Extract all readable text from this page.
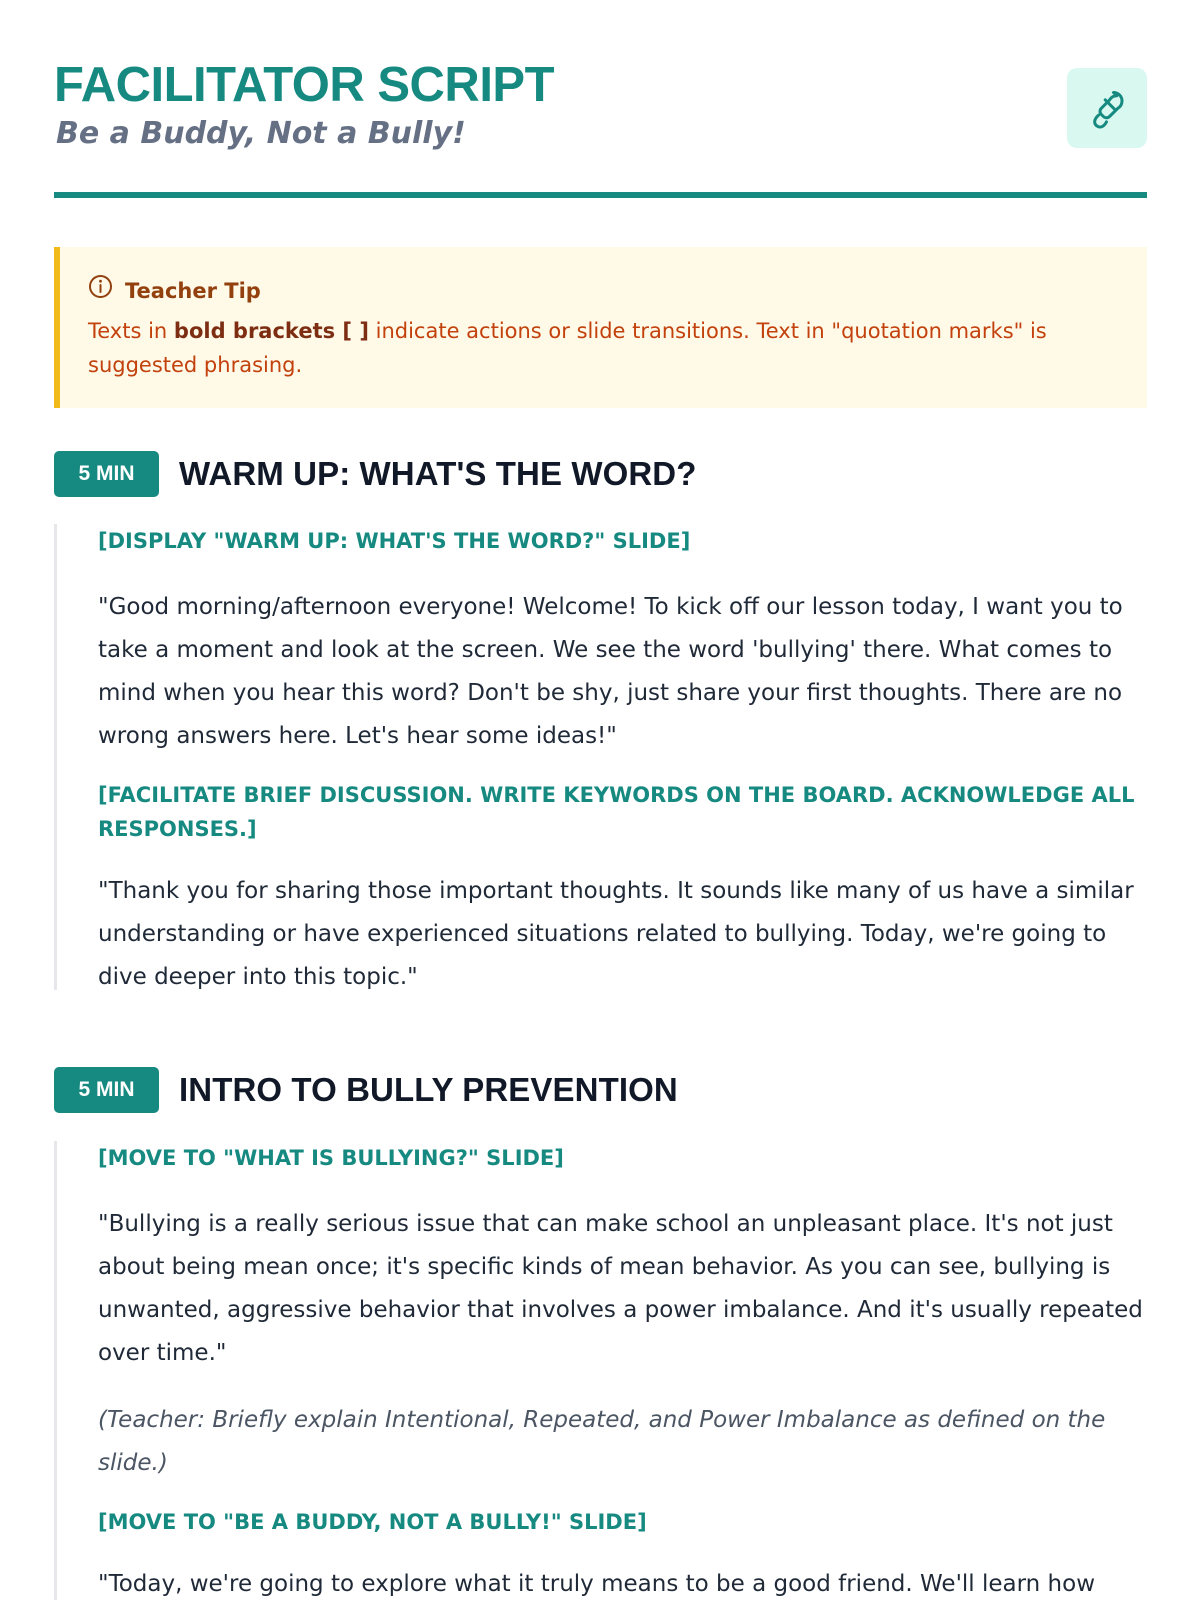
FACILITATOR SCRIPT

Be a Buddy, Not a Bully!

Teacher Tip

Texts in bold brackets [ ] indicate actions or slide transitions. Text in "quotation marks" is suggested phrasing.

5 MIN	WARM UP: WHAT'S THE WORD?

[DISPLAY "WARM UP: WHAT'S THE WORD?" SLIDE]

"Good morning/afternoon everyone! Welcome! To kick off our lesson today, I want you to take a moment and look at the screen. We see the word 'bullying' there. What comes to mind when you hear this word? Don't be shy, just share your first thoughts. There are no wrong answers here. Let's hear some ideas!"

[FACILITATE BRIEF DISCUSSION. WRITE KEYWORDS ON THE BOARD. ACKNOWLEDGE ALL RESPONSES.]

"Thank you for sharing those important thoughts. It sounds like many of us have a similar understanding or have experienced situations related to bullying. Today, we're going to dive deeper into this topic."

5 MIN	INTRO TO BULLY PREVENTION

[MOVE TO "WHAT IS BULLYING?" SLIDE]

"Bullying is a really serious issue that can make school an unpleasant place. It's not just about being mean once; it's specific kinds of mean behavior. As you can see, bullying is unwanted, aggressive behavior that involves a power imbalance. And it's usually repeated over time."

(Teacher: Briefly explain Intentional, Repeated, and Power Imbalance as defined on the slide.)

[MOVE TO "BE A BUDDY, NOT A BULLY!" SLIDE]

"Today, we're going to explore what it truly means to be a good friend. We'll learn how
